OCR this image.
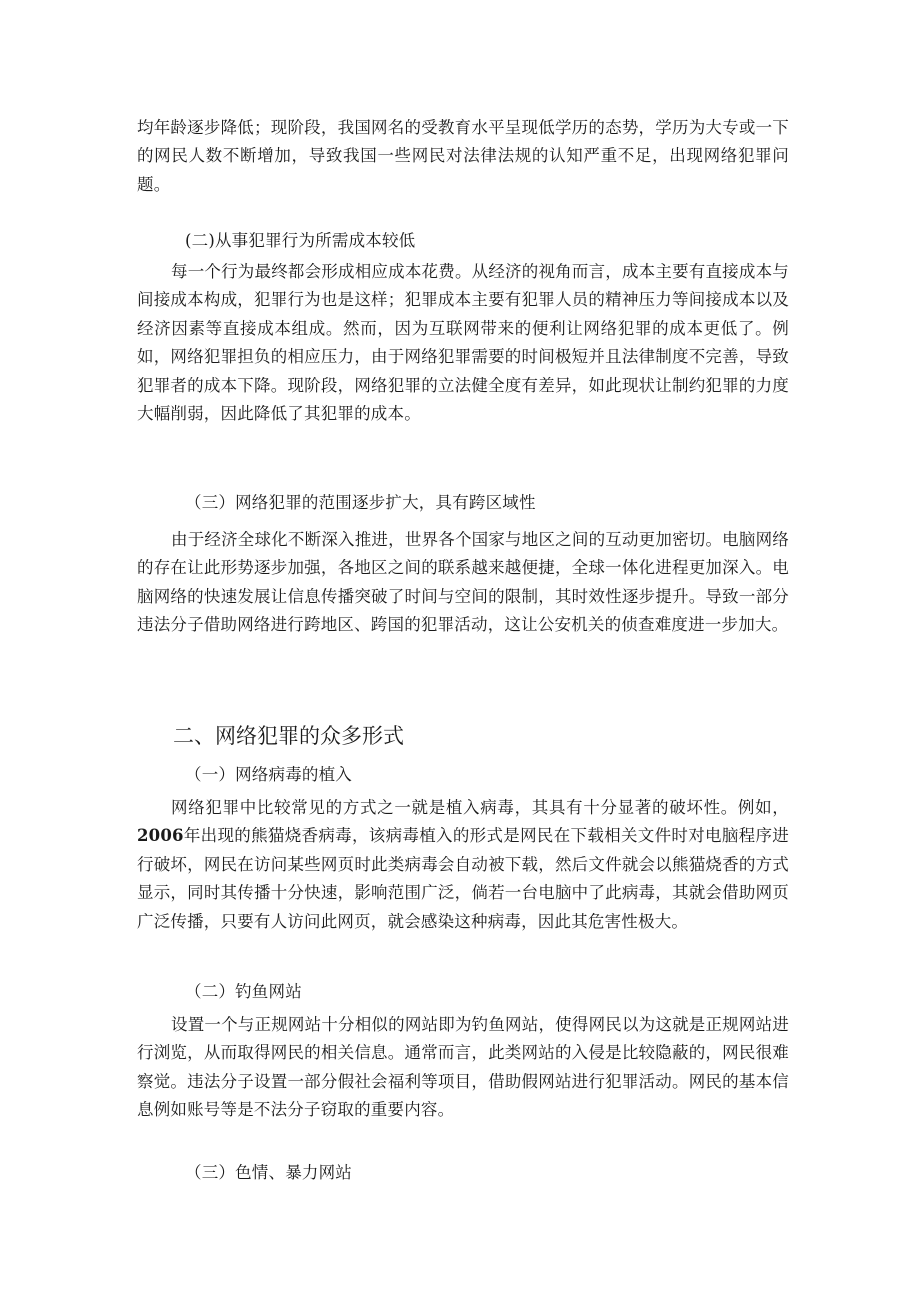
均年龄逐步降低；现阶段，我国网名的受教育水平呈现低学历的态势，学历为大专或一下的网民人数不断增加，导致我国一些网民对法律法规的认知严重不足，出现网络犯罪问题。

(二)从事犯罪行为所需成本较低

每一个行为最终都会形成相应成本花费。从经济的视角而言，成本主要有直接成本与间接成本构成，犯罪行为也是这样；犯罪成本主要有犯罪人员的精神压力等间接成本以及经济因素等直接成本组成。然而，因为互联网带来的便利让网络犯罪的成本更低了。例如，网络犯罪担负的相应压力，由于网络犯罪需要的时间极短并且法律制度不完善，导致犯罪者的成本下降。现阶段，网络犯罪的立法健全度有差异，如此现状让制约犯罪的力度大幅削弱，因此降低了其犯罪的成本。

（三）网络犯罪的范围逐步扩大，具有跨区域性

由于经济全球化不断深入推进，世界各个国家与地区之间的互动更加密切。电脑网络的存在让此形势逐步加强，各地区之间的联系越来越便捷，全球一体化进程更加深入。电脑网络的快速发展让信息传播突破了时间与空间的限制，其时效性逐步提升。导致一部分违法分子借助网络进行跨地区、跨国的犯罪活动，这让公安机关的侦查难度进一步加大。

二、网络犯罪的众多形式

（一）网络病毒的植入

网络犯罪中比较常见的方式之一就是植入病毒，其具有十分显著的破坏性。例如，2006年出现的熊猫烧香病毒，该病毒植入的形式是网民在下载相关文件时对电脑程序进行破坏，网民在访问某些网页时此类病毒会自动被下载，然后文件就会以熊猫烧香的方式显示，同时其传播十分快速，影响范围广泛，倘若一台电脑中了此病毒，其就会借助网页广泛传播，只要有人访问此网页，就会感染这种病毒，因此其危害性极大。

（二）钓鱼网站

设置一个与正规网站十分相似的网站即为钓鱼网站，使得网民以为这就是正规网站进行浏览，从而取得网民的相关信息。通常而言，此类网站的入侵是比较隐蔽的，网民很难察觉。违法分子设置一部分假社会福利等项目，借助假网站进行犯罪活动。网民的基本信息例如账号等是不法分子窃取的重要内容。

（三）色情、暴力网站
